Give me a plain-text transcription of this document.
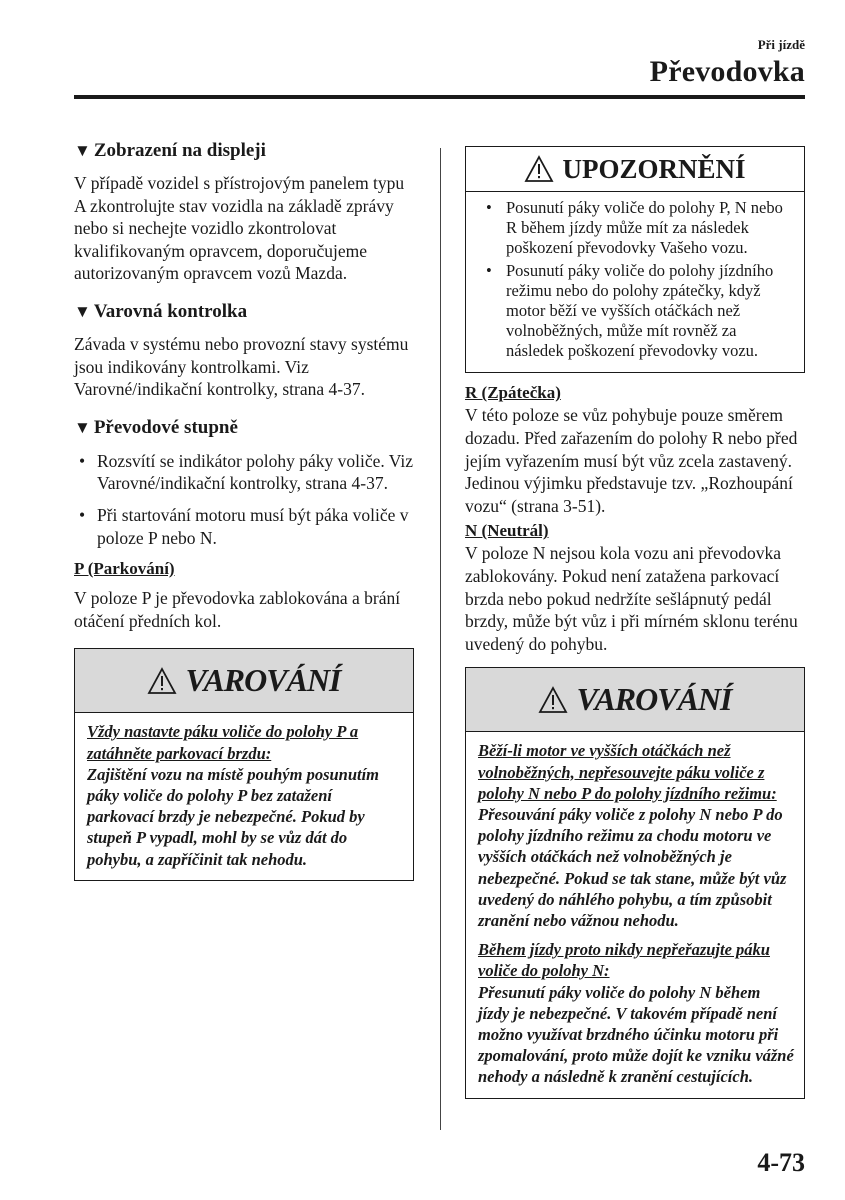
Při jízdě
Převodovka
▼ Zobrazení na displeji

V případě vozidel s přístrojovým panelem typu A zkontrolujte stav vozidla na základě zprávy nebo si nechejte vozidlo zkontrolovat kvalifikovaným opravcem, doporučujeme autorizovaným opravcem vozů Mazda.

▼ Varovná kontrolka

Závada v systému nebo provozní stavy systému jsou indikovány kontrolkami. Viz Varovné/indikační kontrolky, strana 4-37.

▼ Převodové stupně
• Rozsvítí se indikátor polohy páky voliče. Viz Varovné/indikační kontrolky, strana 4-37.
• Při startování motoru musí být páka voliče v poloze P nebo N.
P (Parkování)

V poloze P je převodovka zablokována a brání otáčení předních kol.

VAROVÁNÍ

Vždy nastavte páku voliče do polohy P a zatáhněte parkovací brzdu:

Zajištění vozu na místě pouhým posunutím páky voliče do polohy P bez zatažení parkovací brzdy je nebezpečné. Pokud by stupeň P vypadl, mohl by se vůz dát do pohybu, a zapříčinit tak nehodu.

UPOZORNĚNÍ
• Posunutí páky voliče do polohy P, N nebo R během jízdy může mít za následek poškození převodovky Vašeho vozu.
• Posunutí páky voliče do polohy jízdního režimu nebo do polohy zpátečky, když motor běží ve vyšších otáčkách než volnoběžných, může mít rovněž za následek poškození převodovky vozu.
R (Zpátečka)

V této poloze se vůz pohybuje pouze směrem dozadu. Před zařazením do polohy R nebo před jejím vyřazením musí být vůz zcela zastavený. Jedinou výjimku představuje tzv. „Rozhoupání vozu“ (strana 3-51).

N (Neutrál)

V poloze N nejsou kola vozu ani převodovka zablokovány. Pokud není zatažena parkovací brzda nebo pokud nedržíte sešlápnutý pedál brzdy, může být vůz i při mírném sklonu terénu uvedený do pohybu.

VAROVÁNÍ

Běží-li motor ve vyšších otáčkách než volnoběžných, nepřesouvejte páku voliče z polohy N nebo P do polohy jízdního režimu:

Přesouvání páky voliče z polohy N nebo P do polohy jízdního režimu za chodu motoru ve vyšších otáčkách než volnoběžných je nebezpečné. Pokud se tak stane, může být vůz uvedený do náhlého pohybu, a tím způsobit zranění nebo vážnou nehodu.

Během jízdy proto nikdy nepřeřazujte páku voliče do polohy N:

Přesunutí páky voliče do polohy N během jízdy je nebezpečné. V takovém případě není možno využívat brzdného účinku motoru při zpomalování, proto může dojít ke vzniku vážné nehody a následně k zranění cestujících.

4-73
